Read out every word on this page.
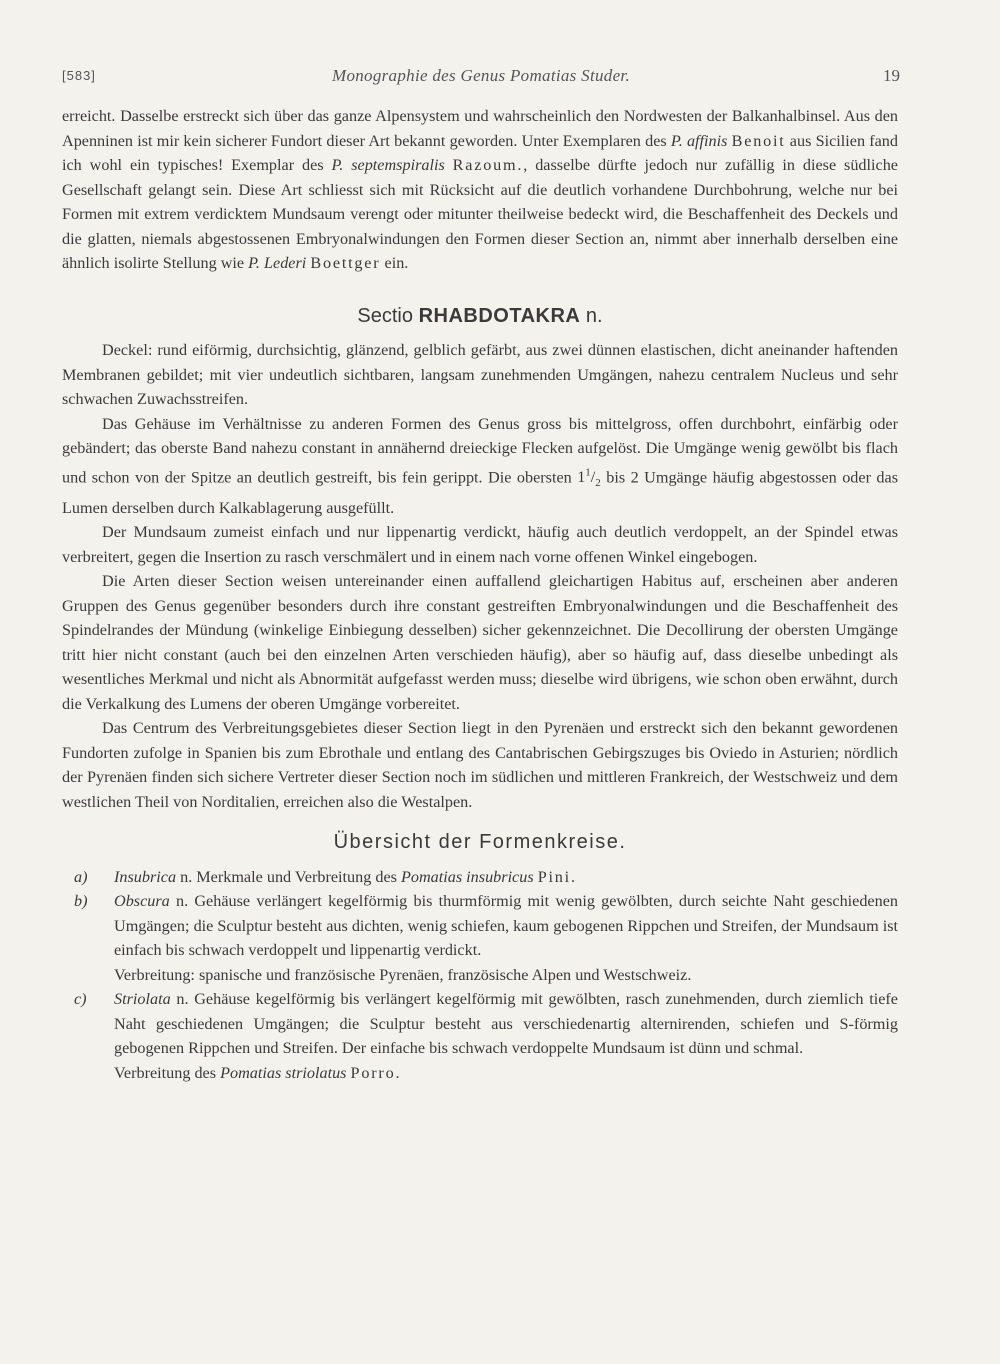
[583]	Monographie des Genus Pomatias Studer.	19

erreicht. Dasselbe erstreckt sich über das ganze Alpensystem und wahrscheinlich den Nordwesten der Balkanhalbinsel. Aus den Apenninen ist mir kein sicherer Fundort dieser Art bekannt geworden. Unter Exemplaren des P. affinis Benoit aus Sicilien fand ich wohl ein typisches! Exemplar des P. septemspiralis Razoum., dasselbe dürfte jedoch nur zufällig in diese südliche Gesellschaft gelangt sein. Diese Art schliesst sich mit Rücksicht auf die deutlich vorhandene Durchbohrung, welche nur bei Formen mit extrem verdicktem Mundsaum verengt oder mitunter theilweise bedeckt wird, die Beschaffenheit des Deckels und die glatten, niemals abgestossenen Embryonalwindungen den Formen dieser Section an, nimmt aber innerhalb derselben eine ähnlich isolirte Stellung wie P. Lederi Boettger ein.

Sectio RHABDOTAKRA n.

Deckel: rund eiförmig, durchsichtig, glänzend, gelblich gefärbt, aus zwei dünnen elastischen, dicht aneinander haftenden Membranen gebildet; mit vier undeutlich sichtbaren, langsam zunehmenden Umgängen, nahezu centralem Nucleus und sehr schwachen Zuwachsstreifen.

Das Gehäuse im Verhältnisse zu anderen Formen des Genus gross bis mittelgross, offen durchbohrt, einfärbig oder gebändert; das oberste Band nahezu constant in annähernd dreieckige Flecken aufgelöst. Die Umgänge wenig gewölbt bis flach und schon von der Spitze an deutlich gestreift, bis fein gerippt. Die obersten $1^1/_2$ bis 2 Umgänge häufig abgestossen oder das Lumen derselben durch Kalkablagerung ausgefüllt.

Der Mundsaum zumeist einfach und nur lippenartig verdickt, häufig auch deutlich verdoppelt, an der Spindel etwas verbreitert, gegen die Insertion zu rasch verschmälert und in einem nach vorne offenen Winkel eingebogen.

Die Arten dieser Section weisen untereinander einen auffallend gleichartigen Habitus auf, erscheinen aber anderen Gruppen des Genus gegenüber besonders durch ihre constant gestreiften Embryonalwindungen und die Beschaffenheit des Spindelrandes der Mündung (winkelige Einbiegung desselben) sicher gekennzeichnet. Die Decollirung der obersten Umgänge tritt hier nicht constant (auch bei den einzelnen Arten verschieden häufig), aber so häufig auf, dass dieselbe unbedingt als wesentliches Merkmal und nicht als Abnormität aufgefasst werden muss; dieselbe wird übrigens, wie schon oben erwähnt, durch die Verkalkung des Lumens der oberen Umgänge vorbereitet.

Das Centrum des Verbreitungsgebietes dieser Section liegt in den Pyrenäen und erstreckt sich den bekannt gewordenen Fundorten zufolge in Spanien bis zum Ebrothale und entlang des Cantabrischen Gebirgszuges bis Oviedo in Asturien; nördlich der Pyrenäen finden sich sichere Vertreter dieser Section noch im südlichen und mittleren Frankreich, der Westschweiz und dem westlichen Theil von Norditalien, erreichen also die Westalpen.

Übersicht der Formenkreise.
a) Insubrica n. Merkmale und Verbreitung des Pomatias insubricus Pini.
b) Obscura n. Gehäuse verlängert kegelförmig bis thurmförmig mit wenig gewölbten, durch seichte Naht geschiedenen Umgängen; die Sculptur besteht aus dichten, wenig schiefen, kaum gebogenen Rippchen und Streifen, der Mundsaum ist einfach bis schwach verdoppelt und lippenartig verdickt.
Verbreitung: spanische und französische Pyrenäen, französische Alpen und Westschweiz.
c) Striolata n. Gehäuse kegelförmig bis verlängert kegelförmig mit gewölbten, rasch zunehmenden, durch ziemlich tiefe Naht geschiedenen Umgängen; die Sculptur besteht aus verschiedenartig alternirenden, schiefen und S-förmig gebogenen Rippchen und Streifen. Der einfache bis schwach verdoppelte Mundsaum ist dünn und schmal.
Verbreitung des Pomatias striolatus Porro.
